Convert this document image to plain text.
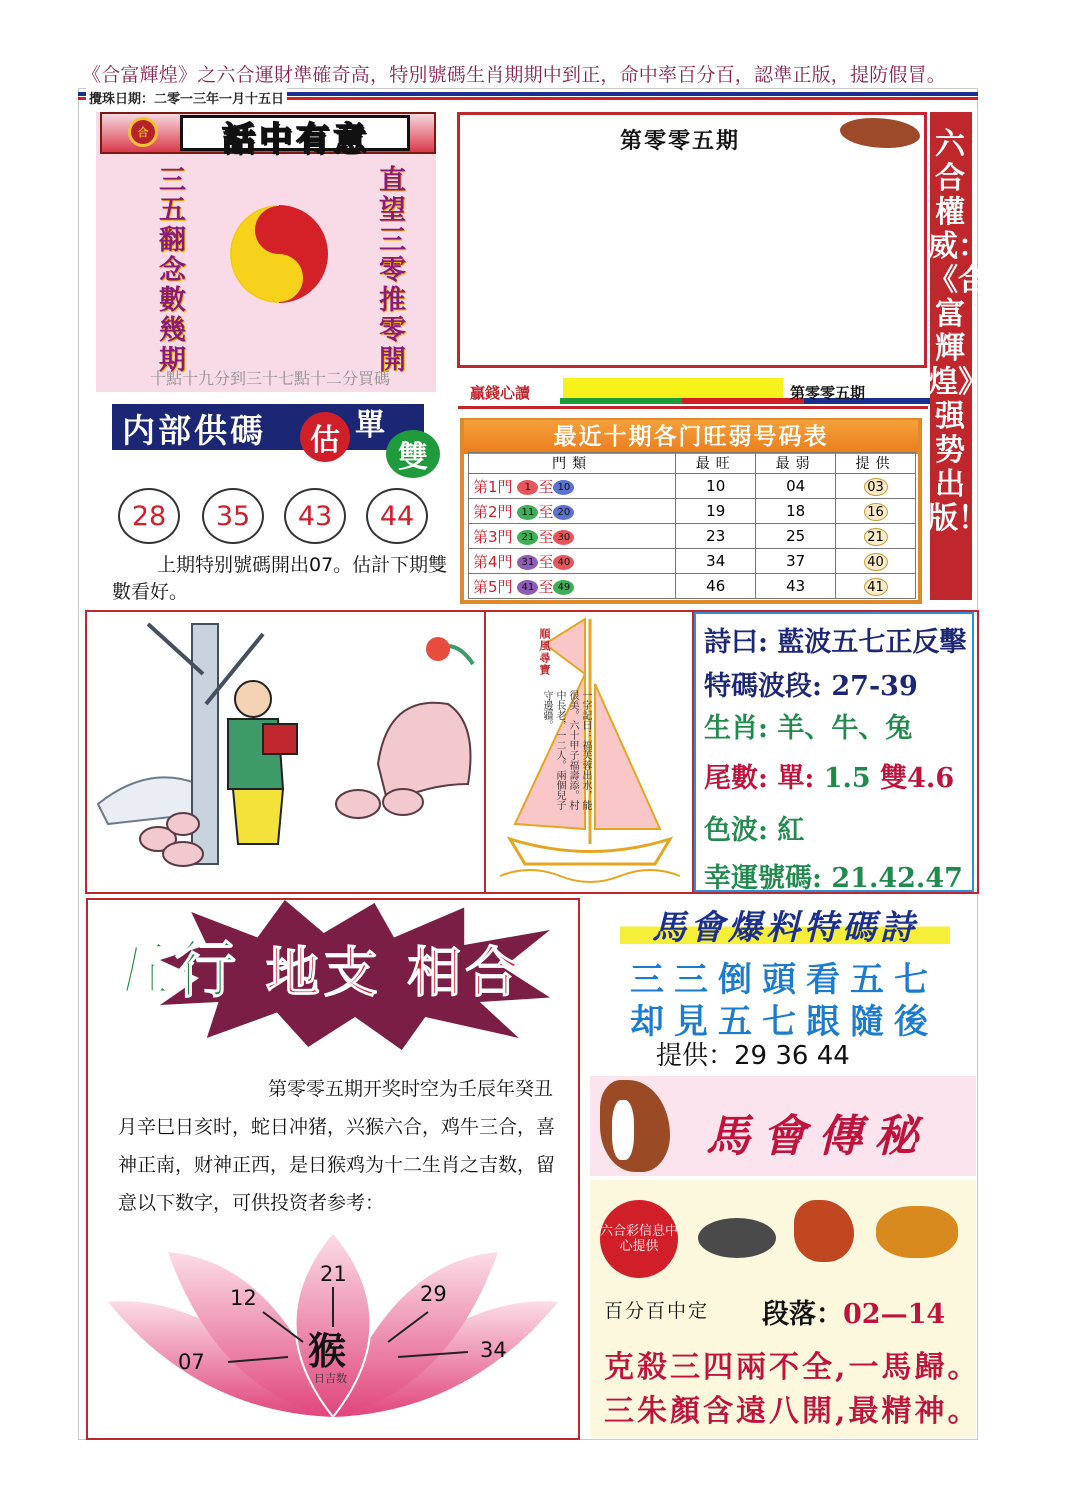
《合富輝煌》之六合運財準確奇高，特別號碼生肖期期中到正，命中率百分百，認準正版，提防假冒。
攪珠日期：二零一三年一月十五日
合	話中有意
三五翻念數幾期	直望三零推零開
十點十九分到三十七點十二分買碼
第零零五期
贏錢心讀	第零零五期
六合權威：《合富輝煌》强势出版！
内部供碼	估 單
雙
28	35	43	44
上期特别號碼開出07。估計下期雙數看好。
最近十期各门旺弱号码表
門類	最旺	最弱	提供
第1門 1 至 10	10	04	03
第2門 11 至 20	19	18	16
第3門 21 至 30	23	25	21
第4門 31 至 40	34	37	40
第5門 41 至 49	46	43	41
順風尋寶
一字記曰：福芙蓉出水，能很美。六十甲子福壽添。村中長老，一二人。兩個兒子守邊疆。
詩曰: 藍波五七正反擊
特碼波段: 27-39
生肖: 羊、牛、兔
尾數: 單: 1.5 雙4.6
色波: 紅
幸運號碼: 21.42.47
五行 地支 相合
第零零五期开奖时空为壬辰年癸丑月辛巳日亥时，蛇日冲猪，兴猴六合，鸡牛三合，喜神正南，财神正西，是日猴鸡为十二生肖之吉数，留意以下数字，可供投资者参考：
07
12
21
29
34
猴
日吉数
馬會爆料特碼詩
三三倒頭看五七
却見五七跟隨後
提供：29 36 44
馬會傳秘
六合彩信息中心提供
百分百中定 段落：02—14
克殺三四兩不全,一馬歸。
三朱顏含遠八開,最精神。
